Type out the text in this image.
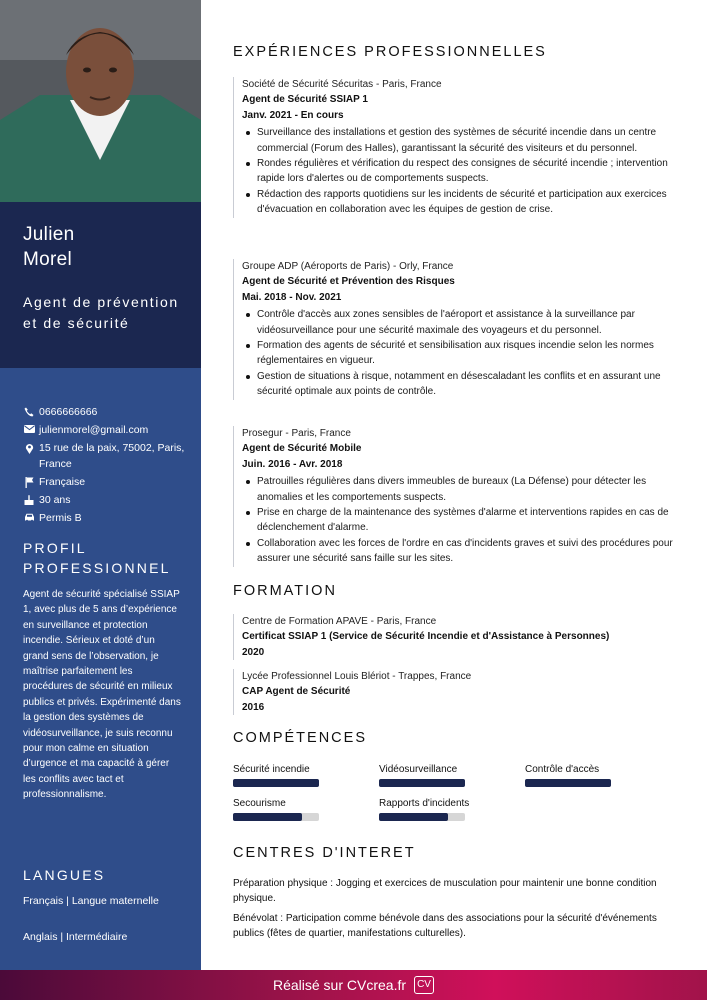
Julien
Morel
Agent de prévention et de sécurité
0666666666
julienmorel@gmail.com
15 rue de la paix, 75002, Paris, France
Française
30 ans
Permis B
PROFIL PROFESSIONNEL
Agent de sécurité spécialisé SSIAP 1, avec plus de 5 ans d’expérience en surveillance et protection incendie. Sérieux et doté d’un grand sens de l’observation, je maîtrise parfaitement les procédures de sécurité en milieux publics et privés. Expérimenté dans la gestion des systèmes de vidéosurveillance, je suis reconnu pour mon calme en situation d’urgence et ma capacité à gérer les conflits avec tact et professionnalisme.
LANGUES
Français | Langue maternelle
Anglais | Intermédiaire
EXPÉRIENCES PROFESSIONNELLES
Société de Sécurité Sécuritas - Paris, France
Agent de Sécurité SSIAP 1
Janv. 2021 - En cours
Surveillance des installations et gestion des systèmes de sécurité incendie dans un centre commercial (Forum des Halles), garantissant la sécurité des visiteurs et du personnel.
Rondes régulières et vérification du respect des consignes de sécurité incendie ; intervention rapide lors d'alertes ou de comportements suspects.
Rédaction des rapports quotidiens sur les incidents de sécurité et participation aux exercices d'évacuation en collaboration avec les équipes de gestion de crise.
Groupe ADP (Aéroports de Paris) - Orly, France
Agent de Sécurité et Prévention des Risques
Mai. 2018 - Nov. 2021
Contrôle d'accès aux zones sensibles de l'aéroport et assistance à la surveillance par vidéosurveillance pour une sécurité maximale des voyageurs et du personnel.
Formation des agents de sécurité et sensibilisation aux risques incendie selon les normes réglementaires en vigueur.
Gestion de situations à risque, notamment en désescaladant les conflits et en assurant une sécurité optimale aux points de contrôle.
Prosegur - Paris, France
Agent de Sécurité Mobile
Juin. 2016 - Avr. 2018
Patrouilles régulières dans divers immeubles de bureaux (La Défense) pour détecter les anomalies et les comportements suspects.
Prise en charge de la maintenance des systèmes d'alarme et interventions rapides en cas de déclenchement d'alarme.
Collaboration avec les forces de l'ordre en cas d'incidents graves et suivi des procédures pour assurer une sécurité sans faille sur les sites.
FORMATION
Centre de Formation APAVE - Paris, France
Certificat SSIAP 1 (Service de Sécurité Incendie et d'Assistance à Personnes)
2020
Lycée Professionnel Louis Blériot - Trappes, France
CAP Agent de Sécurité
2016
COMPÉTENCES
Sécurité incendie	Vidéosurveillance	Contrôle d'accès
Secourisme	Rapports d'incidents
CENTRES D'INTERET
Préparation physique : Jogging et exercices de musculation pour maintenir une bonne condition physique.
Bénévolat : Participation comme bénévole dans des associations pour la sécurité d'événements publics (fêtes de quartier, manifestations culturelles).
Réalisé sur CVcrea.fr	CV
